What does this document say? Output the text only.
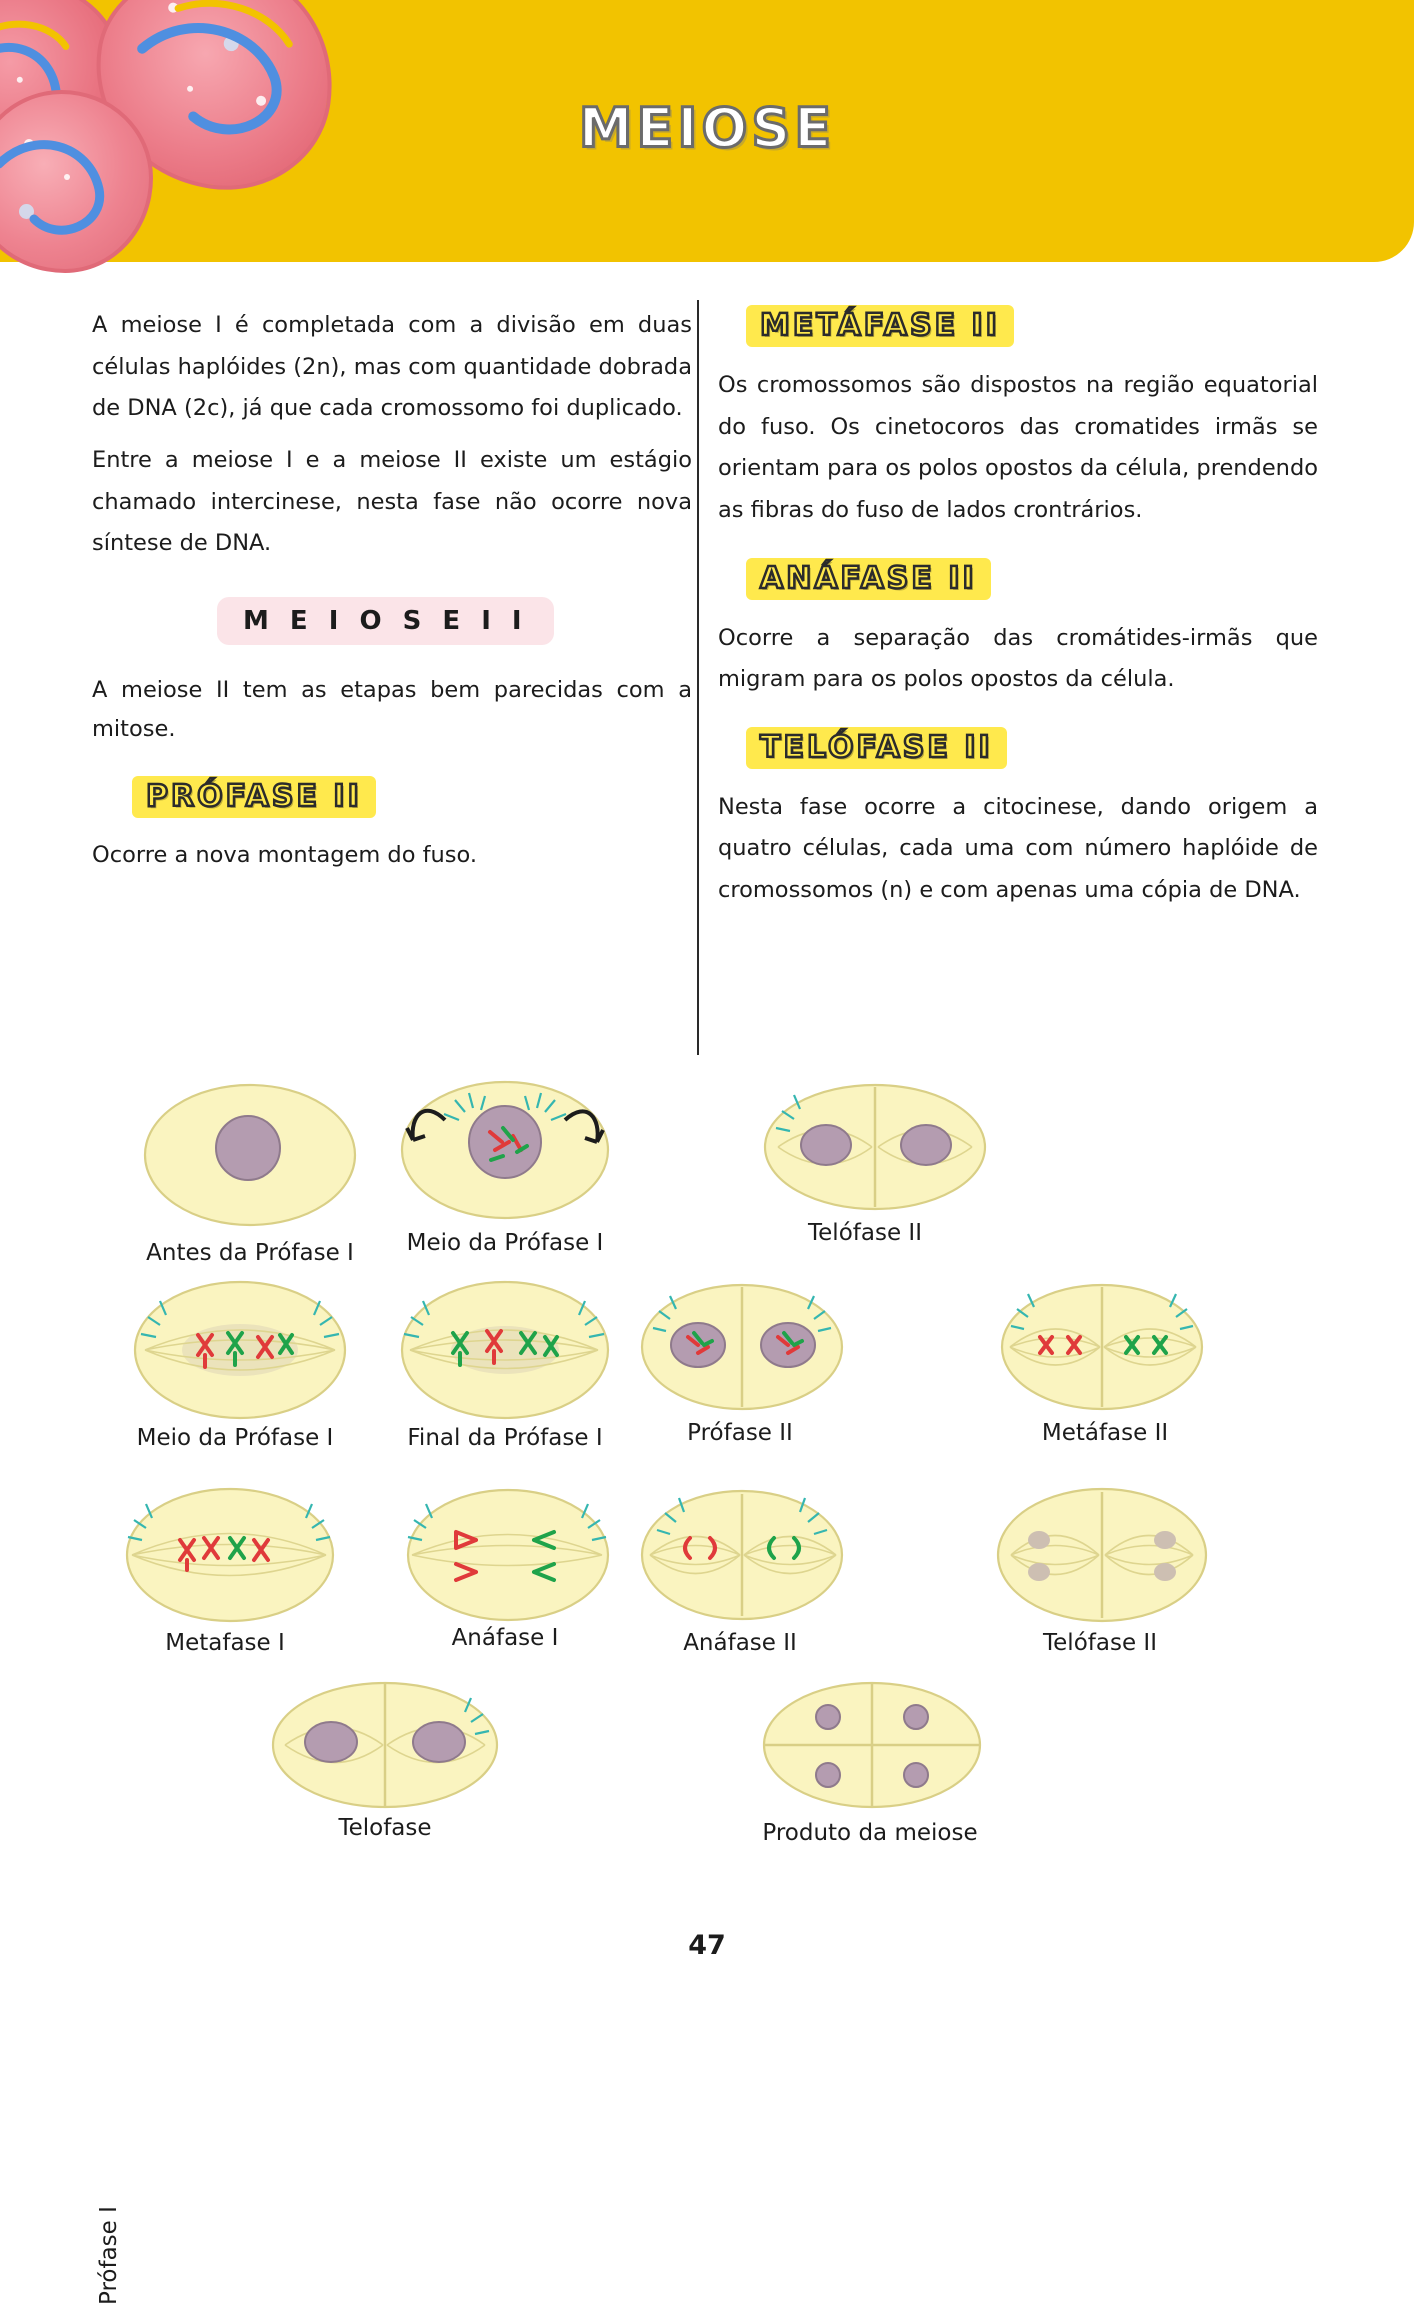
MEIOSE

A meiose I é completada com a divisão em duas células haplóides (2n), mas com quantidade dobrada de DNA (2c), já que cada cromossomo foi duplicado.

Entre a meiose I e a meiose II existe um estágio chamado intercinese, nesta fase não ocorre nova síntese de DNA.

M E I O S E I I

A meiose II tem as etapas bem parecidas com a mitose.

PRÓFASE II

Ocorre a nova montagem do fuso.

METÁFASE II

Os cromossomos são dispostos na região equatorial do fuso. Os cinetocoros das cromatides irmãs se orientam para os polos opostos da célula, prendendo as fibras do fuso de lados crontrários.

ANÁFASE II

Ocorre a separação das cromátides-irmãs que migram para os polos opostos da célula.

TELÓFASE II

Nesta fase ocorre a citocinese, dando origem a quatro células, cada uma com número haplóide de cromossomos (n) e com apenas uma cópia de DNA.

Prófase I
Antes da Prófase I	Meio da Prófase I
Meio da Prófase I	Final da Prófase I
Metafase I	Anáfase I
Telofase
Telófase II
Prófase II	Metáfase II
Anáfase II	Telófase II
Produto da meiose
47
